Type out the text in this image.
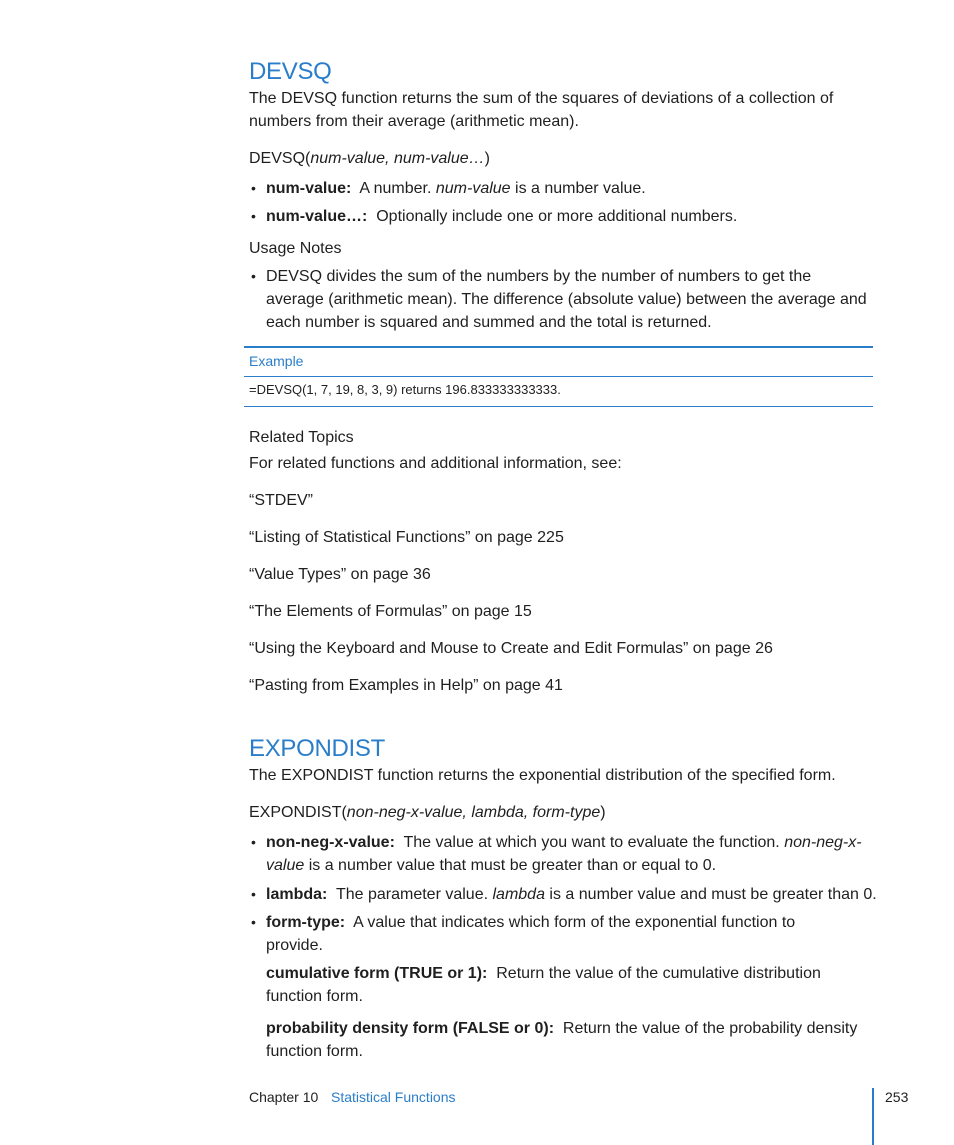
DEVSQ
The DEVSQ function returns the sum of the squares of deviations of a collection of
numbers from their average (arithmetic mean).
DEVSQ(num-value, num-value…)
• num-value: A number. num-value is a number value.
• num-value…: Optionally include one or more additional numbers.
Usage Notes
• DEVSQ divides the sum of the numbers by the number of numbers to get the
average (arithmetic mean). The difference (absolute value) between the average and
each number is squared and summed and the total is returned.
Example
=DEVSQ(1, 7, 19, 8, 3, 9) returns 196.833333333333.
Related Topics
For related functions and additional information, see:
“STDEV”
“Listing of Statistical Functions” on page 225
“Value Types” on page 36
“The Elements of Formulas” on page 15
“Using the Keyboard and Mouse to Create and Edit Formulas” on page 26
“Pasting from Examples in Help” on page 41
EXPONDIST
The EXPONDIST function returns the exponential distribution of the specified form.
EXPONDIST(non-neg-x-value, lambda, form-type)
• non-neg-x-value: The value at which you want to evaluate the function. non-neg-x-
value is a number value that must be greater than or equal to 0.
• lambda: The parameter value. lambda is a number value and must be greater than 0.
• form-type: A value that indicates which form of the exponential function to
provide.
cumulative form (TRUE or 1): Return the value of the cumulative distribution
function form.
probability density form (FALSE or 0): Return the value of the probability density
function form.
Chapter 10 Statistical Functions	253
